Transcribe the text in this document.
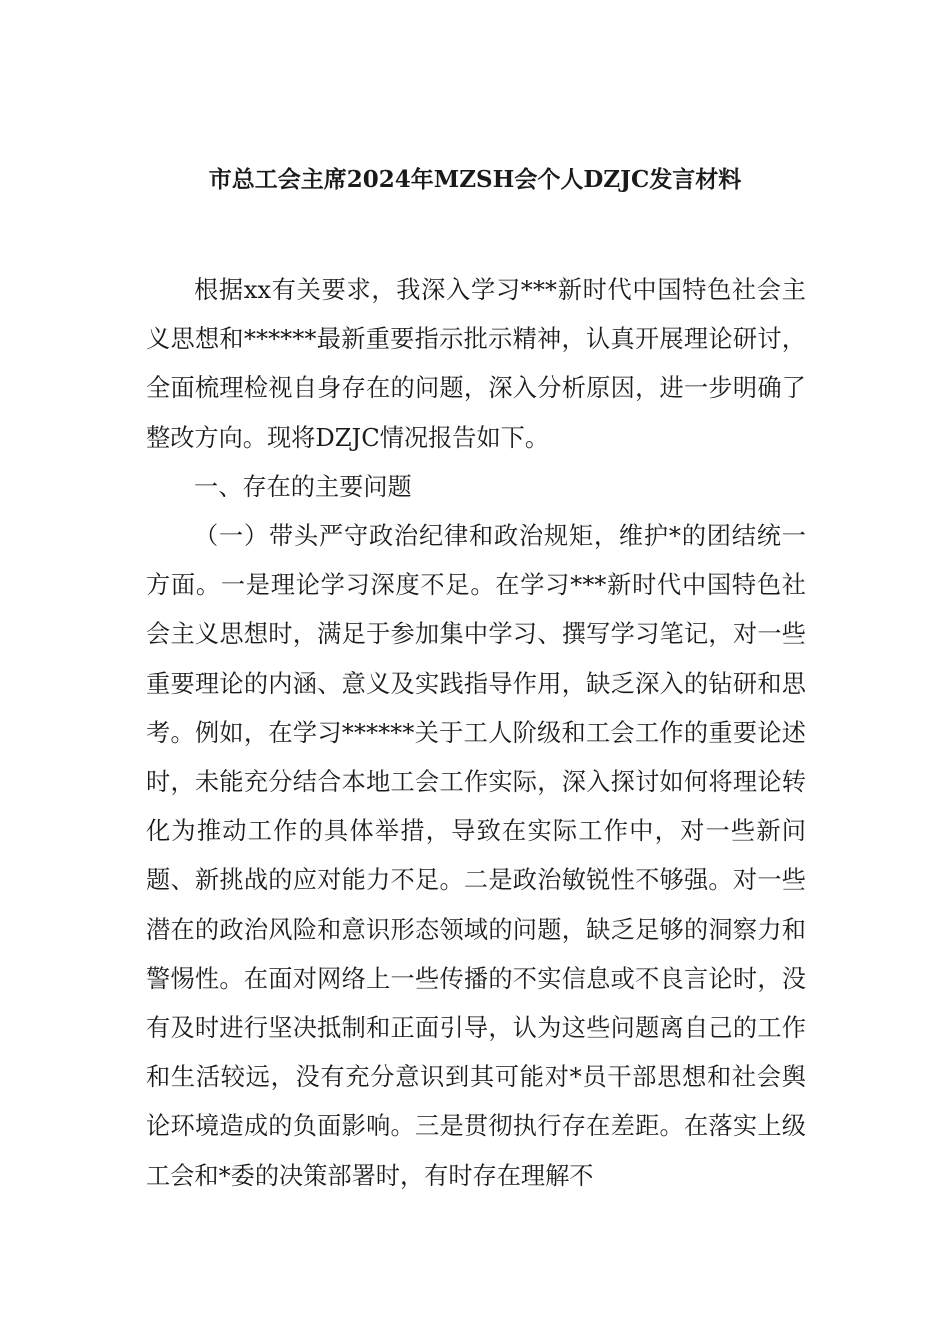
市总工会主席2024年MZSH会个人DZJC发言材料

根据xx有关要求，我深入学习***新时代中国特色社会主义思想和******最新重要指示批示精神，认真开展理论研讨，全面梳理检视自身存在的问题，深入分析原因，进一步明确了整改方向。现将DZJC情况报告如下。

一、存在的主要问题

（一）带头严守政治纪律和政治规矩，维护*的团结统一方面。一是理论学习深度不足。在学习***新时代中国特色社会主义思想时，满足于参加集中学习、撰写学习笔记，对一些重要理论的内涵、意义及实践指导作用，缺乏深入的钻研和思考。例如，在学习******关于工人阶级和工会工作的重要论述时，未能充分结合本地工会工作实际，深入探讨如何将理论转化为推动工作的具体举措，导致在实际工作中，对一些新问题、新挑战的应对能力不足。二是政治敏锐性不够强。对一些潜在的政治风险和意识形态领域的问题，缺乏足够的洞察力和警惕性。在面对网络上一些传播的不实信息或不良言论时，没有及时进行坚决抵制和正面引导，认为这些问题离自己的工作和生活较远，没有充分意识到其可能对*员干部思想和社会舆论环境造成的负面影响。三是贯彻执行存在差距。在落实上级工会和*委的决策部署时，有时存在理解不
